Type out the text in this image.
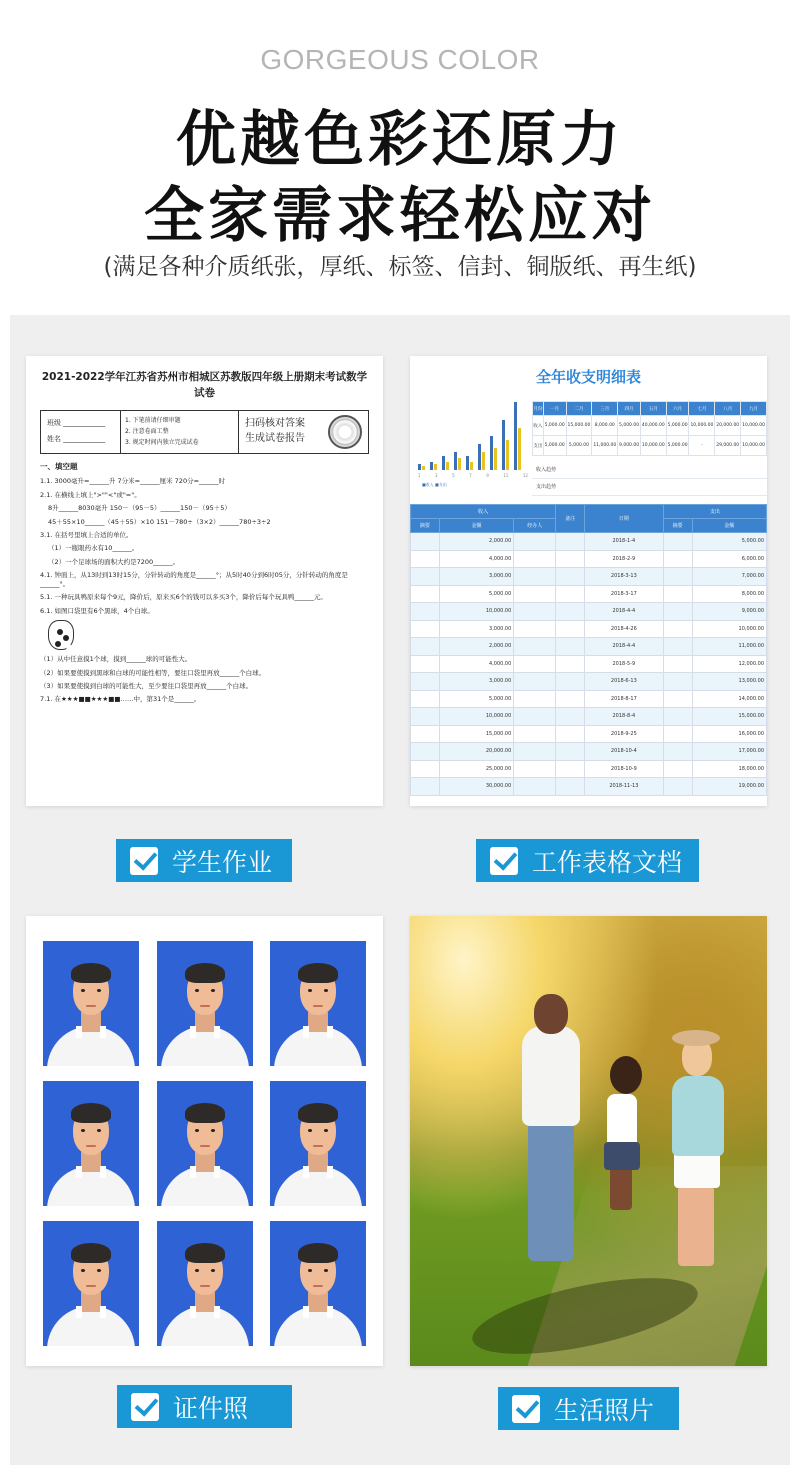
GORGEOUS COLOR
优越色彩还原力
全家需求轻松应对
(满足各种介质纸张，厚纸、标签、信封、铜版纸、再生纸)
2021-2022学年江苏省苏州市相城区苏教版四年级上册期末考试数学试卷
班级 ____________
姓名 ____________
1. 下笔前请仔细审题
2. 注意卷面工整
3. 规定时间内独立完成试卷
扫码核对答案
生成试卷报告
一、填空题
1.1. 3000毫升=______升 7分米=______厘米 720分=______时
2.1. 在横线上填上">""<"或"="。
8升______8030毫升 150－（95－5）______150－（95＋5）
45＋55×10______（45＋55）×10 151－780÷（3×2）______780÷3÷2
3.1. 在括号里填上合适的单位。
（1）一瓶眼药水有10______。
（2）一个足球场的面积大约是7200______。
4.1. 钟面上，从13时到13时15分，分针转动的角度是______°；从5时40分到6时05分，分针转动的角度是______°。
5.1. 一种玩具鸭原来每个9元，降价后，原来买6个的钱可以多买3个，降价后每个玩具鸭______元。
6.1. 如图口袋里有6个黑球，4个白球。
（1）从中任意摸1个球，摸到______球的可能性大。
（2）如果要使摸到黑球和白球的可能性相等，要往口袋里再放______个白球。
（3）如果要使摸到白球的可能性大，至少要往口袋里再放______个白球。
7.1. 在★★★■■★★★■■……中，第31个是______。
全年收支明细表
1	3	5	7	9	11	12
■收入 ■支出
月份	一月	二月	三月	四月	五月	六月	七月	八月	九月
收入	5,000.00	15,000.00	8,000.00	5,000.00	40,000.00	5,000.00	10,000.00	20,000.00	10,000.00
支出	5,000.00	5,000.00	11,000.00	9,000.00	10,000.00	5,000.00	-	29,000.00	10,000.00
收入趋势
支出趋势
收入			备注	日期	支出	
摘要	金额	经办人			摘要	金额
	2,000.00			2018-1-4		5,000.00
	4,000.00			2018-2-9		6,000.00
	3,000.00			2018-3-13		7,000.00
	5,000.00			2018-3-17		8,000.00
	10,000.00			2018-4-4		9,000.00
	3,000.00			2018-4-26		10,000.00
	2,000.00			2018-4-4		11,000.00
	4,000.00			2018-5-9		12,000.00
	3,000.00			2018-6-13		13,000.00
	5,000.00			2018-8-17		14,000.00
	10,000.00			2018-8-4		15,000.00
	15,000.00			2018-9-25		16,000.00
	20,000.00			2018-10-4		17,000.00
	25,000.00			2018-10-9		18,000.00
	30,000.00			2018-11-13		19,000.00
学生作业	工作表格文档
证件照	生活照片
